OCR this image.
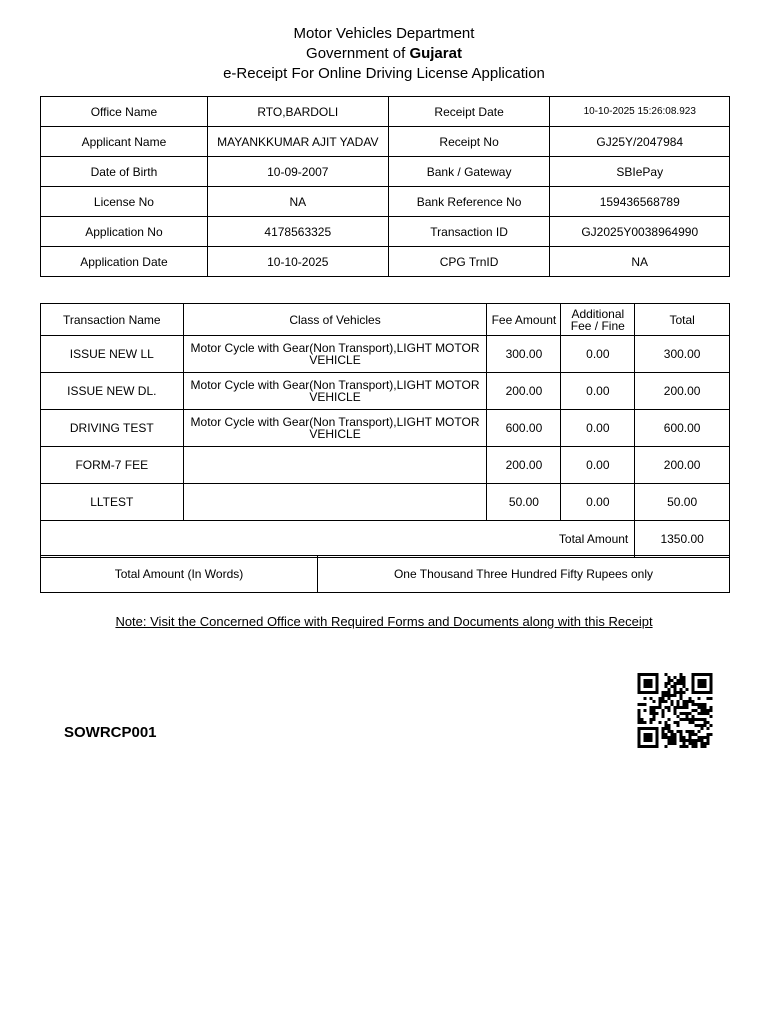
Motor Vehicles Department
Government of Gujarat
e-Receipt For Online Driving License Application
Office Name	RTO,BARDOLI	Receipt Date	10-10-2025 15:26:08.923
Applicant Name	MAYANKKUMAR AJIT YADAV	Receipt No	GJ25Y/2047984
Date of Birth	10-09-2007	Bank / Gateway	SBIePay
License No	NA	Bank Reference No	159436568789
Application No	4178563325	Transaction ID	GJ2025Y0038964990
Application Date	10-10-2025	CPG TrnID	NA
Transaction Name	Class of Vehicles	Fee Amount	Additional Fee / Fine	Total
ISSUE NEW LL	Motor Cycle with Gear(Non Transport),LIGHT MOTOR VEHICLE	300.00	0.00	300.00
ISSUE NEW DL.	Motor Cycle with Gear(Non Transport),LIGHT MOTOR VEHICLE	200.00	0.00	200.00
DRIVING TEST	Motor Cycle with Gear(Non Transport),LIGHT MOTOR VEHICLE	600.00	0.00	600.00
FORM-7 FEE		200.00	0.00	200.00
LLTEST		50.00	0.00	50.00
Total Amount				1350.00
Total Amount (In Words)	One Thousand Three Hundred Fifty Rupees only
Note: Visit the Concerned Office with Required Forms and Documents along with this Receipt
SOWRCP001
